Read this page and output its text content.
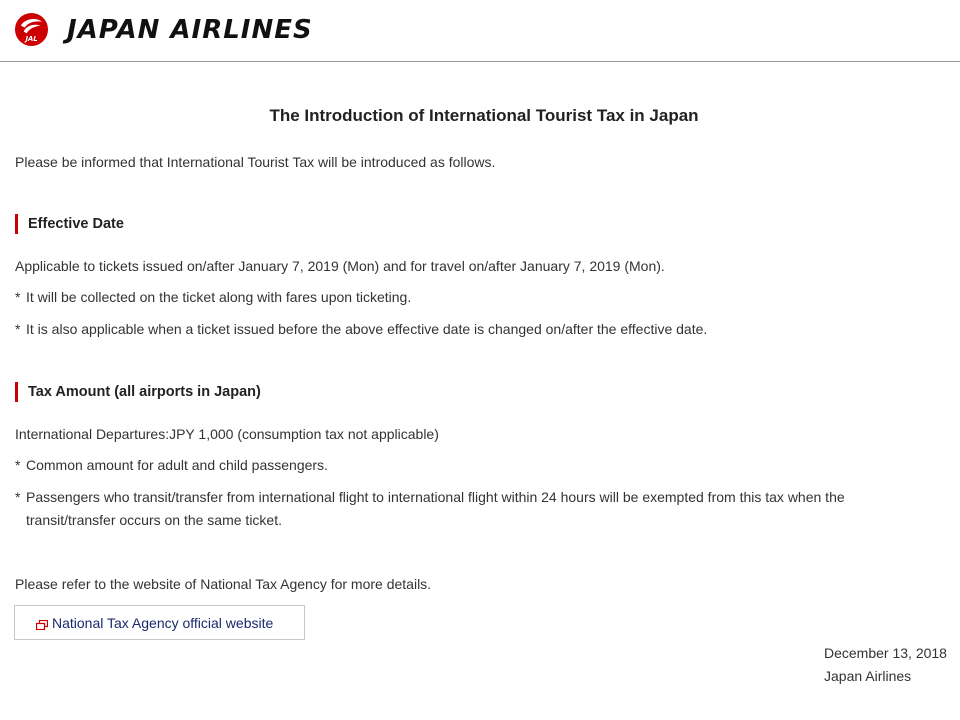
JAL JAPAN AIRLINES
The Introduction of International Tourist Tax in Japan

Please be informed that International Tourist Tax will be introduced as follows.

Effective Date

Applicable to tickets issued on/after January 7, 2019 (Mon) and for travel on/after January 7, 2019 (Mon).

* It will be collected on the ticket along with fares upon ticketing.

* It is also applicable when a ticket issued before the above effective date is changed on/after the effective date.

Tax Amount (all airports in Japan)

International Departures:JPY 1,000 (consumption tax not applicable)

* Common amount for adult and child passengers.

* Passengers who transit/transfer from international flight to international flight within 24 hours will be exempted from this tax when the transit/transfer occurs on the same ticket.

Please refer to the website of National Tax Agency for more details.

National Tax Agency official website

December 13, 2018

Japan Airlines
